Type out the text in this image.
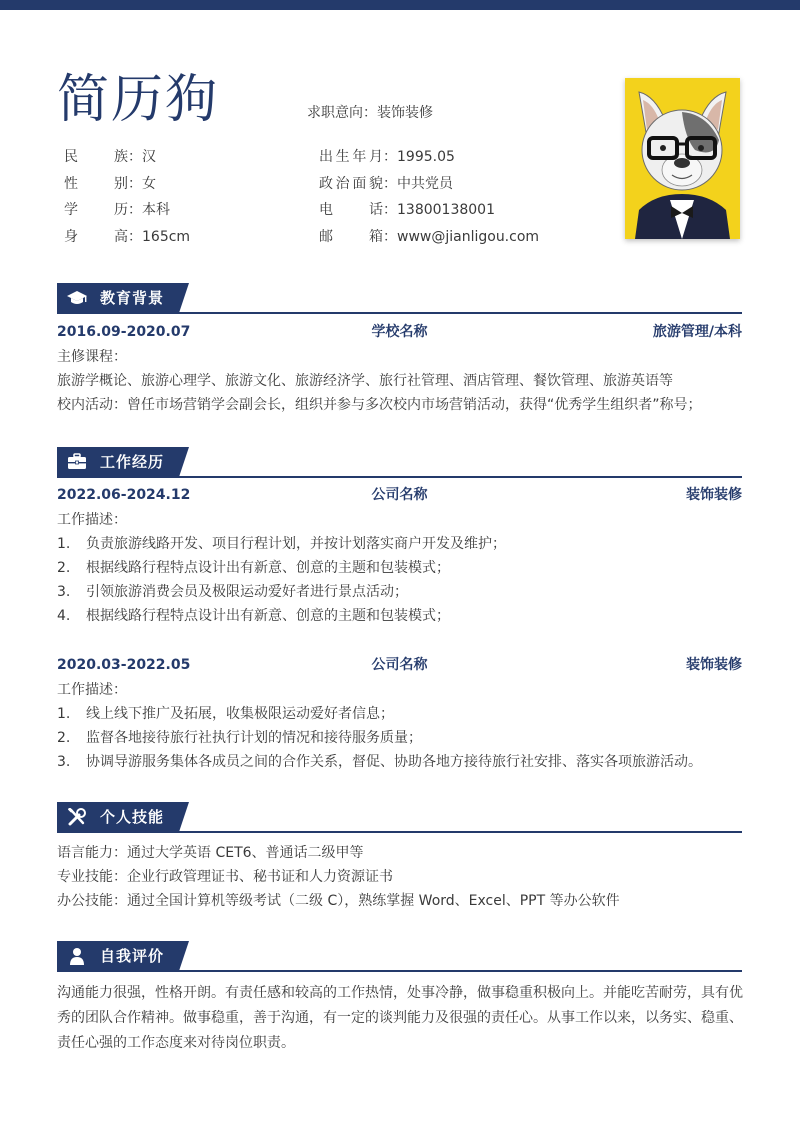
简历狗	求职意向：装饰装修
民族：汉
性别：女
学历：本科
身高：165cm
出生年月：1995.05
政治面貌：中共党员
电话：13800138001
邮箱：www@jianligou.com
教育背景
2016.09-2020.07	学校名称	旅游管理/本科
主修课程：
旅游学概论、旅游心理学、旅游文化、旅游经济学、旅行社管理、酒店管理、餐饮管理、旅游英语等
校内活动：曾任市场营销学会副会长，组织并参与多次校内市场营销活动，获得“优秀学生组织者”称号；
工作经历
2022.06-2024.12	公司名称	装饰装修
工作描述：
1. 负责旅游线路开发、项目行程计划，并按计划落实商户开发及维护；
2. 根据线路行程特点设计出有新意、创意的主题和包装模式；
3. 引领旅游消费会员及极限运动爱好者进行景点活动；
4. 根据线路行程特点设计出有新意、创意的主题和包装模式；
2020.03-2022.05	公司名称	装饰装修
工作描述：
1. 线上线下推广及拓展，收集极限运动爱好者信息；
2. 监督各地接待旅行社执行计划的情况和接待服务质量；
3. 协调导游服务集体各成员之间的合作关系，督促、协助各地方接待旅行社安排、落实各项旅游活动。
个人技能
语言能力：通过大学英语 CET6、普通话二级甲等
专业技能：企业行政管理证书、秘书证和人力资源证书
办公技能：通过全国计算机等级考试（二级 C），熟练掌握 Word、Excel、PPT 等办公软件
自我评价
沟通能力很强，性格开朗。有责任感和较高的工作热情，处事冷静，做事稳重积极向上。并能吃苦耐劳，具有优秀的团队合作精神。做事稳重，善于沟通，有一定的谈判能力及很强的责任心。从事工作以来，以务实、稳重、责任心强的工作态度来对待岗位职责。
